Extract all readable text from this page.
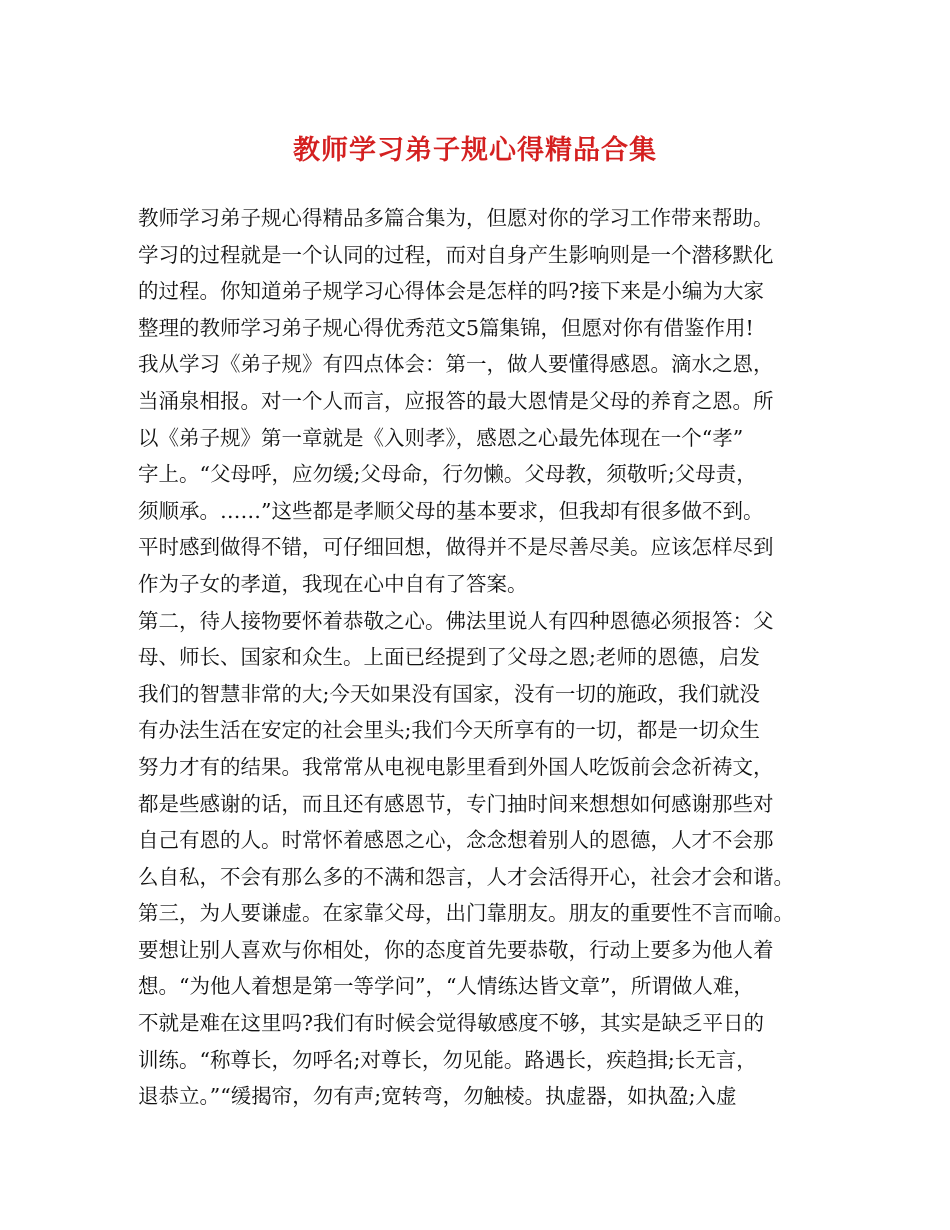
教师学习弟子规心得精品合集
教师学习弟子规心得精品多篇合集为，但愿对你的学习工作带来帮助。
学习的过程就是一个认同的过程，而对自身产生影响则是一个潜移默化
的过程。你知道弟子规学习心得体会是怎样的吗?接下来是小编为大家
整理的教师学习弟子规心得优秀范文5篇集锦，但愿对你有借鉴作用!
我从学习《弟子规》有四点体会：第一，做人要懂得感恩。滴水之恩，
当涌泉相报。对一个人而言，应报答的最大恩情是父母的养育之恩。所
以《弟子规》第一章就是《入则孝》，感恩之心最先体现在一个“孝”
字上。“父母呼，应勿缓;父母命，行勿懒。父母教，须敬听;父母责，
须顺承。……”这些都是孝顺父母的基本要求，但我却有很多做不到。
平时感到做得不错，可仔细回想，做得并不是尽善尽美。应该怎样尽到
作为子女的孝道，我现在心中自有了答案。
第二，待人接物要怀着恭敬之心。佛法里说人有四种恩德必须报答：父
母、师长、国家和众生。上面已经提到了父母之恩;老师的恩德，启发
我们的智慧非常的大;今天如果没有国家，没有一切的施政，我们就没
有办法生活在安定的社会里头;我们今天所享有的一切，都是一切众生
努力才有的结果。我常常从电视电影里看到外国人吃饭前会念祈祷文，
都是些感谢的话，而且还有感恩节，专门抽时间来想想如何感谢那些对
自己有恩的人。时常怀着感恩之心，念念想着别人的恩德，人才不会那
么自私，不会有那么多的不满和怨言，人才会活得开心，社会才会和谐。
第三，为人要谦虚。在家靠父母，出门靠朋友。朋友的重要性不言而喻。
要想让别人喜欢与你相处，你的态度首先要恭敬，行动上要多为他人着
想。“为他人着想是第一等学问”，“人情练达皆文章”，所谓做人难，
不就是难在这里吗?我们有时候会觉得敏感度不够，其实是缺乏平日的
训练。“称尊长，勿呼名;对尊长，勿见能。路遇长，疾趋揖;长无言，
退恭立。”“缓揭帘，勿有声;宽转弯，勿触棱。执虚器，如执盈;入虚
